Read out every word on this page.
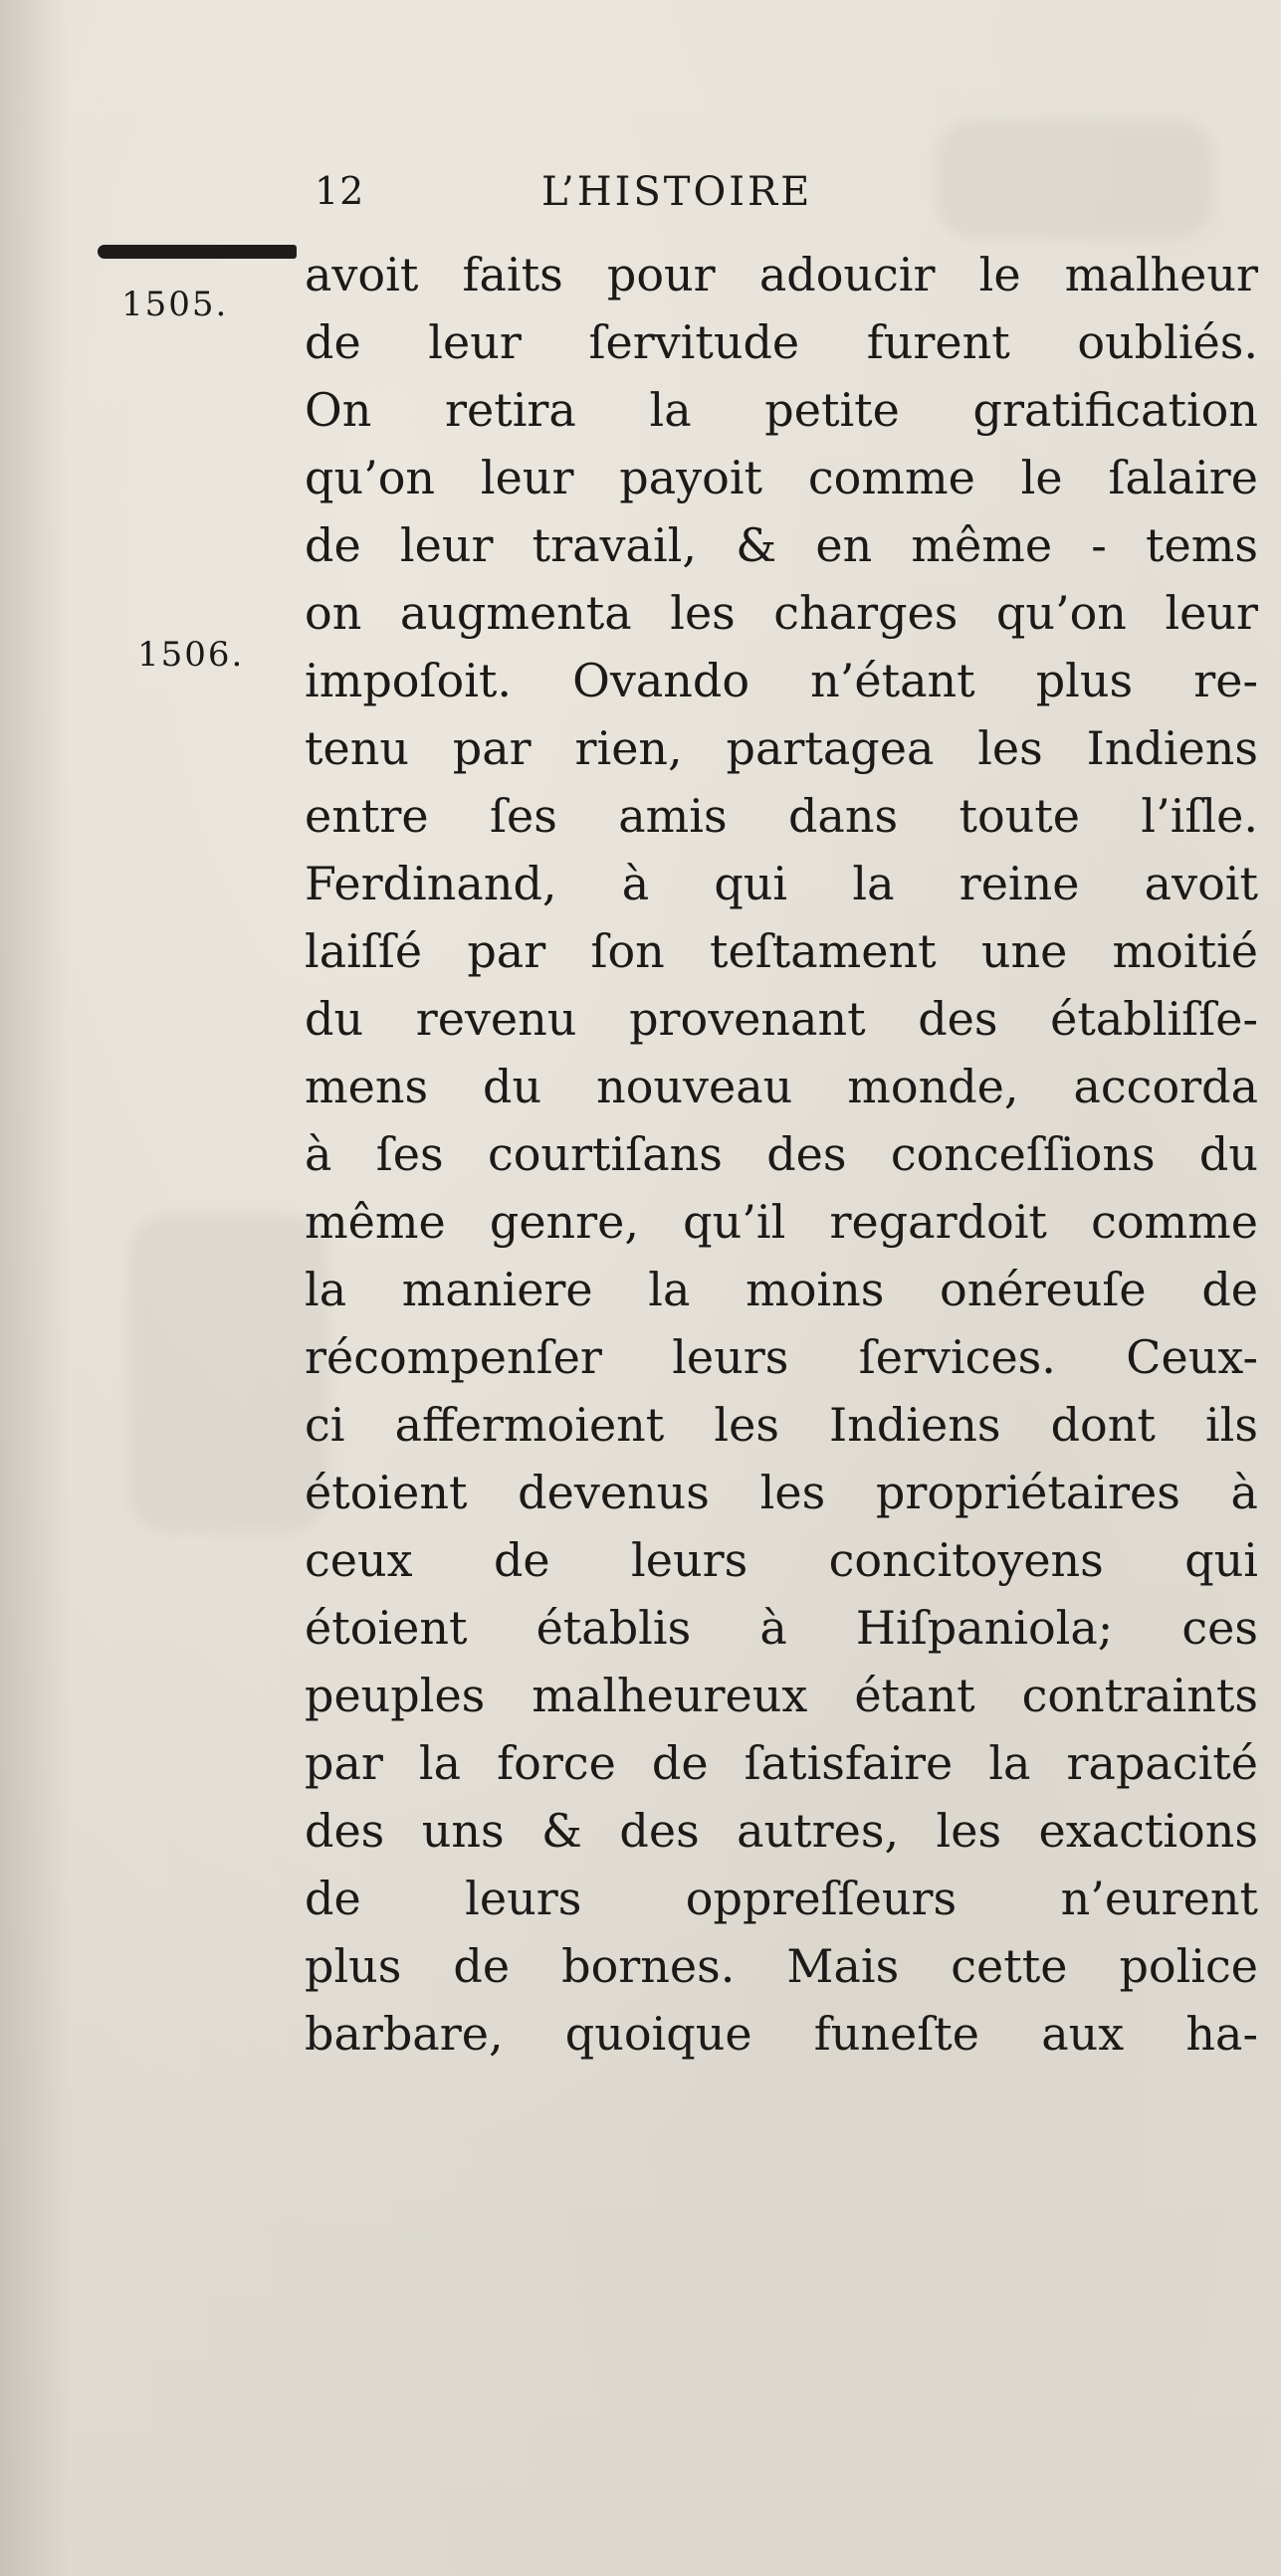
12	L’HISTOIRE
1505.
1506.
avoit faits pour adoucir le malheur
de leur ſervitude furent oubliés.
On retira la petite gratification
qu’on leur payoit comme le ſalaire
de leur travail, & en même - tems
on augmenta les charges qu’on leur
impoſoit. Ovando n’étant plus re-
tenu par rien, partagea les Indiens
entre ſes amis dans toute l’iſle.
Ferdinand, à qui la reine avoit
laiſſé par ſon teſtament une moitié
du revenu provenant des établiſſe-
mens du nouveau monde, accorda
à ſes courtiſans des conceſſions du
même genre, qu’il regardoit comme
la maniere la moins onéreuſe de
récompenſer leurs ſervices. Ceux-
ci affermoient les Indiens dont ils
étoient devenus les propriétaires à
ceux de leurs concitoyens qui
étoient établis à Hiſpaniola; ces
peuples malheureux étant contraints
par la force de ſatisfaire la rapacité
des uns & des autres, les exactions
de leurs oppreſſeurs n’eurent
plus de bornes. Mais cette police
barbare, quoique funeſte aux ha-
